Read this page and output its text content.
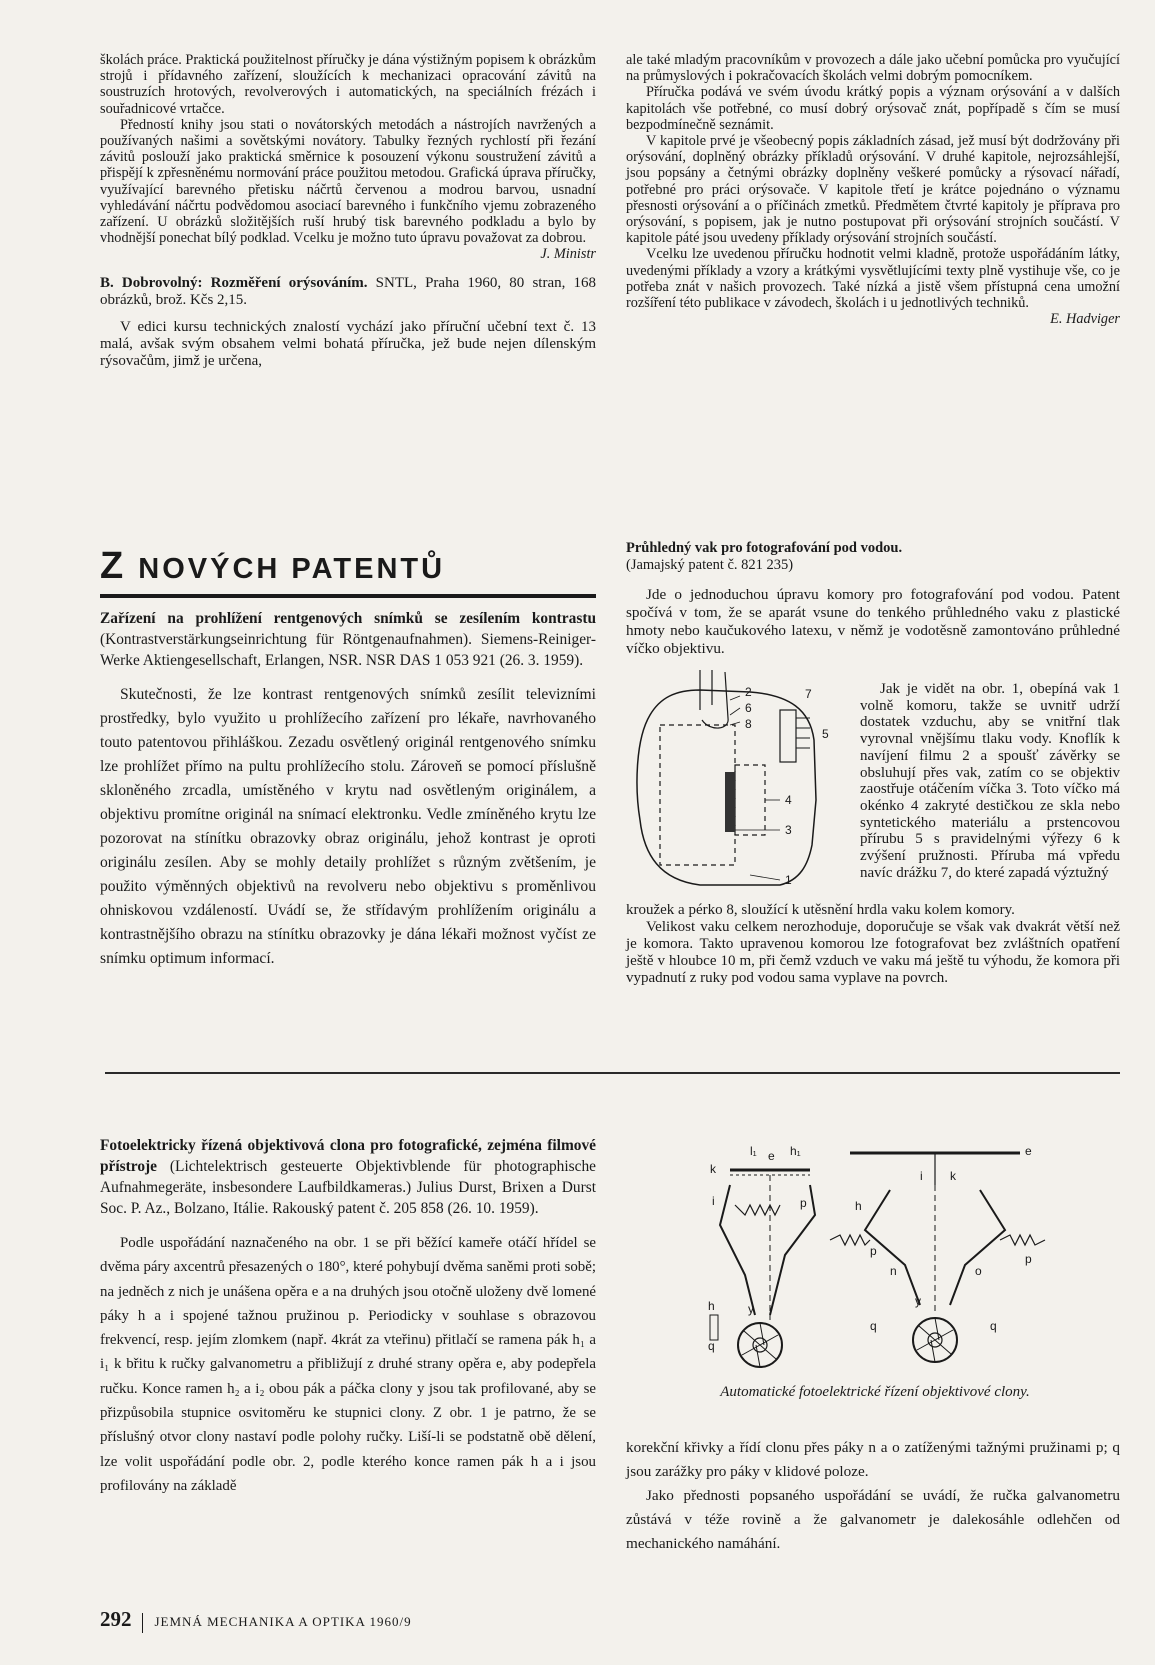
školách práce. Praktická použitelnost příručky je dána výstižným popisem k obrázkům strojů i přídavného zařízení, sloužících k mechanizaci opracování závitů na soustruzích hrotových, revolverových i automatických, na speciálních frézách i souřadnicové vrtačce.

Předností knihy jsou stati o novátorských metodách a nástrojích navržených a používaných našimi a sovětskými novátory. Tabulky řezných rychlostí při řezání závitů poslouží jako praktická směrnice k posouzení výkonu soustružení závitů a přispějí k zpřesněnému normování práce použitou metodou. Grafická úprava příručky, využívající barevného přetisku náčrtů červenou a modrou barvou, usnadní vyhledávání náčrtu podvědomou asociací barevného i funkčního vjemu zobrazeného zařízení. U obrázků složitějších ruší hrubý tisk barevného podkladu a bylo by vhodnější ponechat bílý podklad. Vcelku je možno tuto úpravu považovat za dobrou.

J. Ministr

B. Dobrovolný: Rozměření orýsováním. SNTL, Praha 1960, 80 stran, 168 obrázků, brož. Kčs 2,15.

V edici kursu technických znalostí vychází jako příruční učební text č. 13 malá, avšak svým obsahem velmi bohatá příručka, jež bude nejen dílenským rýsovačům, jimž je určena,

ale také mladým pracovníkům v provozech a dále jako učební pomůcka pro vyučující na průmyslových i pokračovacích školách velmi dobrým pomocníkem.

Příručka podává ve svém úvodu krátký popis a význam orýsování a v dalších kapitolách vše potřebné, co musí dobrý orýsovač znát, popřípadě s čím se musí bezpodmínečně seznámit.

V kapitole prvé je všeobecný popis základních zásad, jež musí být dodržovány při orýsování, doplněný obrázky příkladů orýsování. V druhé kapitole, nejrozsáhlejší, jsou popsány a četnými obrázky doplněny veškeré pomůcky a rýsovací nářadí, potřebné pro práci orýsovače. V kapitole třetí je krátce pojednáno o významu přesnosti orýsování a o příčinách zmetků. Předmětem čtvrté kapitoly je příprava pro orýsování, s popisem, jak je nutno postupovat při orýsování strojních součástí. V kapitole páté jsou uvedeny příklady orýsování strojních součástí.

Vcelku lze uvedenou příručku hodnotit velmi kladně, protože uspořádáním látky, uvedenými příklady a vzory a krátkými vysvětlujícími texty plně vystihuje vše, co je potřeba znát v našich provozech. Také nízká a jistě všem přístupná cena umožní rozšíření této publikace v závodech, školách i u jednotlivých techniků.

E. Hadviger

Z NOVÝCH PATENTŮ

Zařízení na prohlížení rentgenových snímků se zesílením kontrastu (Kontrastverstärkungseinrichtung für Röntgenaufnahmen). Siemens-Reiniger-Werke Aktiengesellschaft, Erlangen, NSR. NSR DAS 1 053 921 (26. 3. 1959).

Skutečnosti, že lze kontrast rentgenových snímků zesílit televizními prostředky, bylo využito u prohlížecího zařízení pro lékaře, navrhovaného touto patentovou přihláškou. Zezadu osvětlený originál rentgenového snímku lze prohlížet přímo na pultu prohlížecího stolu. Zároveň se pomocí příslušně skloněného zrcadla, umístěného v krytu nad osvětleným originálem, a objektivu promítne originál na snímací elektronku. Vedle zmíněného krytu lze pozorovat na stínítku obrazovky obraz originálu, jehož kontrast je oproti originálu zesílen. Aby se mohly detaily prohlížet s různým zvětšením, je použito výměnných objektivů na revolveru nebo objektivu s proměnlivou ohniskovou vzdáleností. Uvádí se, že střídavým prohlížením originálu a kontrastnějšího obrazu na stínítku obrazovky je dána lékaři možnost vyčíst ze snímku optimum informací.

Průhledný vak pro fotografování pod vodou.
(Jamajský patent č. 821 235)

Jde o jednoduchou úpravu komory pro fotografování pod vodou. Patent spočívá v tom, že se aparát vsune do tenkého průhledného vaku z plastické hmoty nebo kaučukového latexu, v němž je vodotěsně zamontováno průhledné víčko objektivu.

2
6
8
7
5
4
3
1

Jak je vidět na obr. 1, obepíná vak 1 volně komoru, takže se uvnitř udrží dostatek vzduchu, aby se vnitřní tlak vyrovnal vnějšímu tlaku vody. Knoflík k navíjení filmu 2 a spoušť závěrky se obsluhují přes vak, zatím co se objektiv zaostřuje otáčením víčka 3. Toto víčko má okénko 4 zakryté destičkou ze skla nebo syntetického materiálu a prstencovou přírubu 5 s pravidelnými výřezy 6 k zvýšení pružnosti. Příruba má vpředu navíc drážku 7, do které zapadá výztužný

kroužek a pérko 8, sloužící k utěsnění hrdla vaku kolem komory.

Velikost vaku celkem nerozhoduje, doporučuje se však vak dvakrát větší než je komora. Takto upravenou komorou lze fotografovat bez zvláštních opatření ještě v hloubce 10 m, při čemž vzduch ve vaku má ještě tu výhodu, že komora při vypadnutí z ruky pod vodou sama vyplave na povrch.

Fotoelektricky řízená objektivová clona pro fotografické, zejména filmové přístroje (Lichtelektrisch gesteuerte Objektivblende für photographische Aufnahmegeräte, insbesondere Laufbildkameras.) Julius Durst, Brixen a Durst Soc. P. Az., Bolzano, Itálie. Rakouský patent č. 205 858 (26. 10. 1959).

Podle uspořádání naznačeného na obr. 1 se při běžící kameře otáčí hřídel se dvěma páry axcentrů přesazených o 180°, které pohybují dvěma saněmi proti sobě; na jedněch z nich je unášena opěra e a na druhých jsou otočně uloženy dvě lomené páky h a i spojené tažnou pružinou p. Periodicky v souhlase s obrazovou frekvencí, resp. jejím zlomkem (např. 4krát za vteřinu) přitlačí se ramena pák h₁ a i₁ k břitu k ručky galvanometru a přibližují z druhé strany opěra e, aby podepřela ručku. Konce ramen h₂ a i₂ obou pák a páčka clony y jsou tak profilované, aby se přizpůsobila stupnice osvitoměru ke stupnici clony. Z obr. 1 je patrno, že se příslušný otvor clony nastaví podle polohy ručky. Liší-li se podstatně obě dělení, lze volit uspořádání podle obr. 2, podle kterého konce ramen pák h a i jsou profilovány na základě

l₁ e h₁
k
i
h
p
q
y
e
i k
h
n	o
p
p
q	q
y
Automatické fotoelektrické řízení objektivové clony.

korekční křivky a řídí clonu přes páky n a o zatíženými tažnými pružinami p; q jsou zarážky pro páky v klidové poloze.

Jako přednosti popsaného uspořádání se uvádí, že ručka galvanometru zůstává v téže rovině a že galvanometr je dalekosáhle odlehčen od mechanického namáhání.

292 JEMNÁ MECHANIKA A OPTIKA 1960/9
